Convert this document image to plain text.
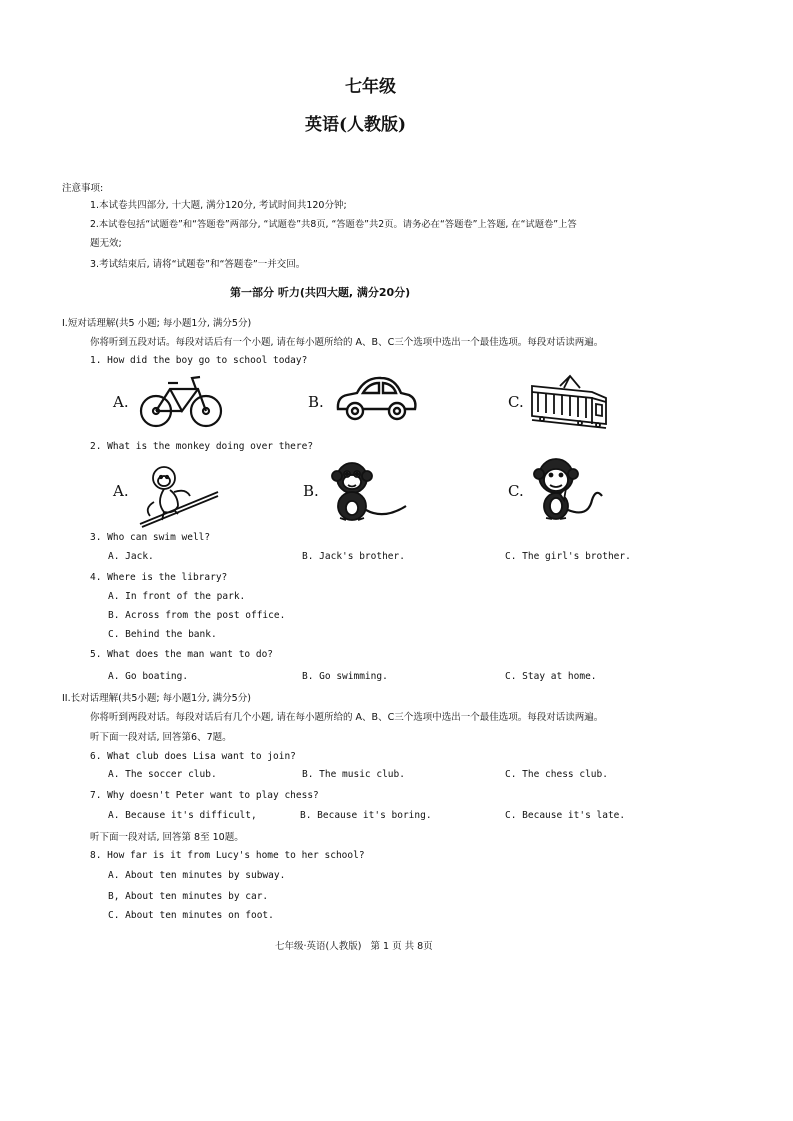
七年级
英语(人教版)
注意事项:
1.本试卷共四部分, 十大题, 满分120分, 考试时间共120分钟;
2.本试卷包括“试题卷”和“答题卷”两部分, “试题卷”共8页, “答题卷”共2页。请务必在“答题卷”上答题, 在“试题卷”上答
题无效;
3.考试结束后, 请将“试题卷”和“答题卷”一并交回。
第一部分 听力(共四大题, 满分20分)
I.短对话理解(共5 小题; 每小题1分, 满分5分)
你将听到五段对话。每段对话后有一个小题, 请在每小题所给的 A、B、C三个选项中选出一个最佳选项。每段对话读两遍。
1. How did the boy go to school today?
A.	B.	C.
2. What is the monkey doing over there?
A.	B.	C.
3. Who can swim well?
A. Jack.	B. Jack's brother.	C. The girl's brother.
4. Where is the library?
A. In front of the park.
B. Across from the post office.
C. Behind the bank.
5. What does the man want to do?
A. Go boating.	B. Go swimming.	C. Stay at home.
II.长对话理解(共5小题; 每小题1分, 满分5分)
你将听到两段对话。每段对话后有几个小题, 请在每小题所给的 A、B、C三个选项中选出一个最佳选项。每段对话读两遍。
听下面一段对话, 回答第6、7题。
6. What club does Lisa want to join?
A. The soccer club.	B. The music club.	C. The chess club.
7. Why doesn't Peter want to play chess?
A. Because it's difficult,	B. Because it's boring.	C. Because it's late.
听下面一段对话, 回答第 8至 10题。
8. How far is it from Lucy's home to her school?
A. About ten minutes by subway.
B, About ten minutes by car.
C. About ten minutes on foot.
七年级·英语(人教版)   第 1 页 共 8页
